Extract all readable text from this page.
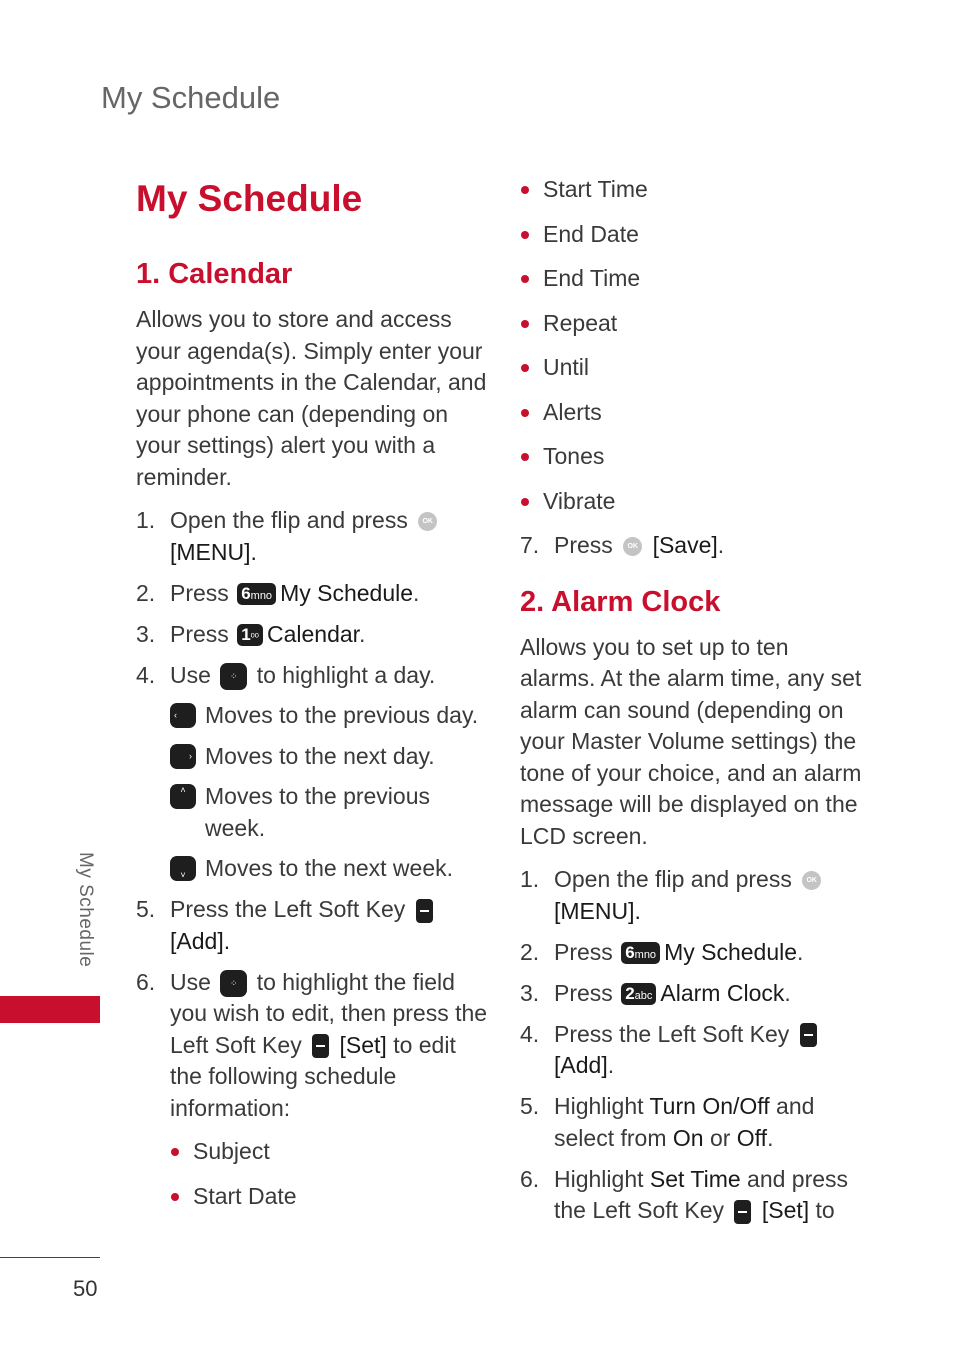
My Schedule
My Schedule
50
My Schedule
1. Calendar

Allows you to store and access your agenda(s). Simply enter your appointments in the Calendar, and your phone can (depending on your settings) alert you with a reminder.

1. Open the flip and press OK
[MENU].
2. Press 6mno My Schedule.
3. Press 1ᵒᵒ Calendar.
4. Use ⁘ to highlight a day.
‹	Moves to the previous day.
› Moves to the next day.
˄ Moves to the previous week.
˅ Moves to the next week.
5. Press the Left Soft Key
[Add].
6. Use ⁘ to highlight the field you wish to edit, then press the Left Soft Key [Set] to edit the following schedule information:
Subject
Start Date
Start Time
End Date
End Time
Repeat
Until
Alerts
Tones
Vibrate
7. Press OK [Save].
2. Alarm Clock

Allows you to set up to ten alarms. At the alarm time, any set alarm can sound (depending on your Master Volume settings) the tone of your choice, and an alarm message will be displayed on the LCD screen.

1. Open the flip and press OK
[MENU].
2. Press 6mno My Schedule.
3. Press 2abc Alarm Clock.
4. Press the Left Soft Key
[Add].
5. Highlight Turn On/Off and select from On or Off.
6. Highlight Set Time and press the Left Soft Key [Set] to
